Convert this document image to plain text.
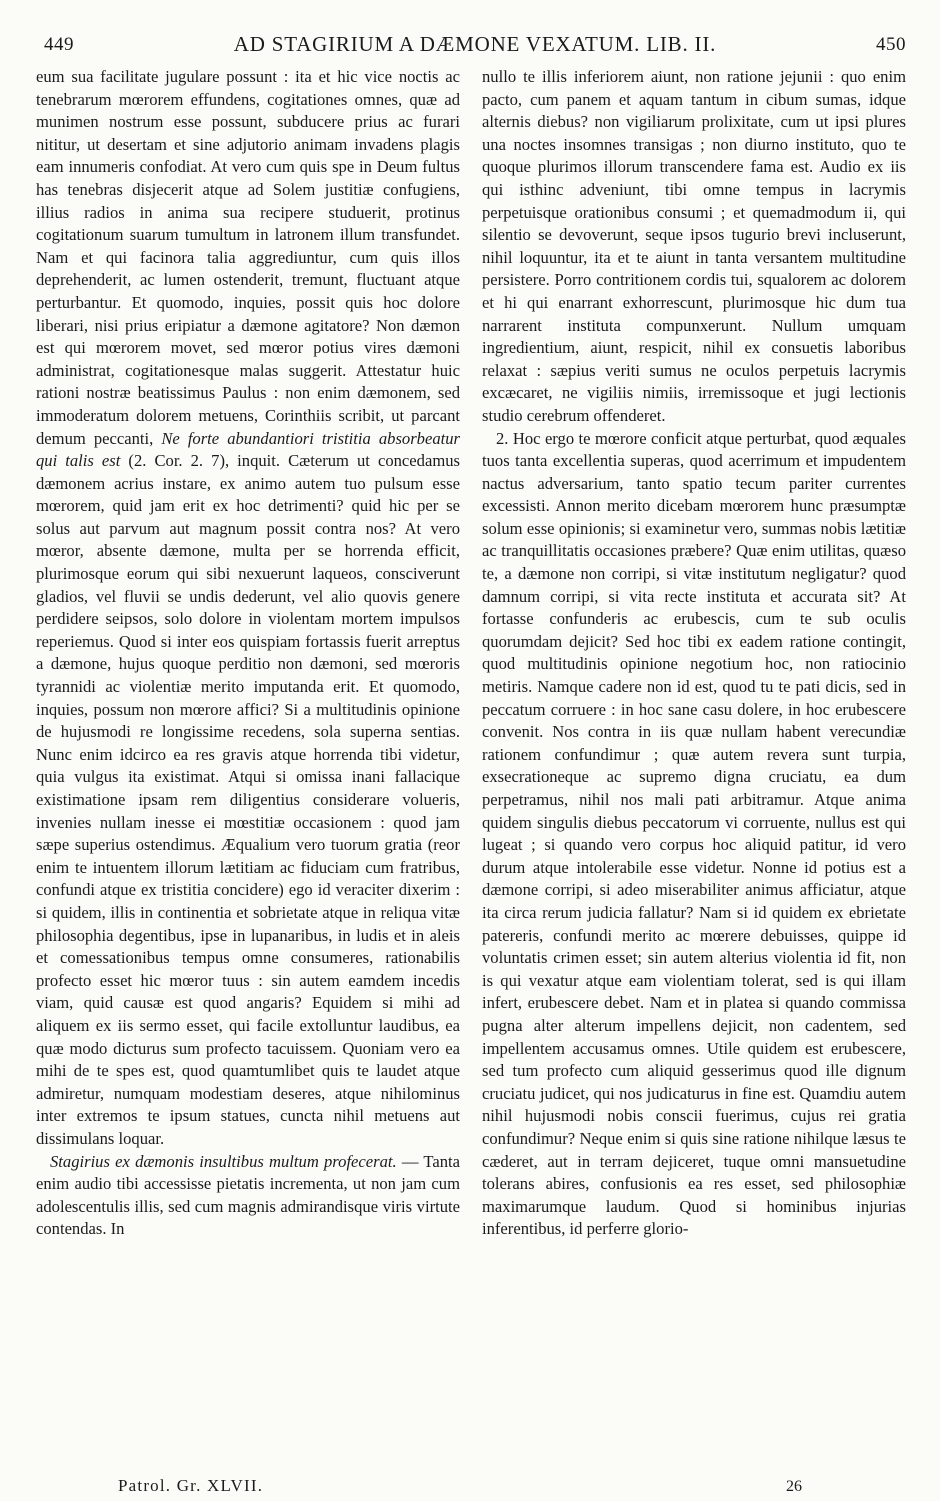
449	AD STAGIRIUM A DÆMONE VEXATUM. LIB. II.	450

eum sua facilitate jugulare possunt : ita et hic vice noctis ac tenebrarum mœrorem effundens, cogitationes omnes, quæ ad munimen nostrum esse possunt, subducere prius ac furari nititur, ut desertam et sine adjutorio animam invadens plagis eam innumeris confodiat. At vero cum quis spe in Deum fultus has tenebras disjecerit atque ad Solem justitiæ confugiens, illius radios in anima sua recipere studuerit, protinus cogitationum suarum tumultum in latronem illum transfundet. Nam et qui facinora talia aggrediuntur, cum quis illos deprehenderit, ac lumen ostenderit, tremunt, fluctuant atque perturbantur. Et quomodo, inquies, possit quis hoc dolore liberari, nisi prius eripiatur a dæmone agitatore? Non dæmon est qui mœrorem movet, sed mœror potius vires dæmoni administrat, cogitationesque malas suggerit. Attestatur huic rationi nostræ beatissimus Paulus : non enim dæmonem, sed immoderatum dolorem metuens, Corinthiis scribit, ut parcant demum peccanti, Ne forte abundantiori tristitia absorbeatur qui talis est (2. Cor. 2. 7), inquit. Cæterum ut concedamus dæmonem acrius instare, ex animo autem tuo pulsum esse mœrorem, quid jam erit ex hoc detrimenti? quid hic per se solus aut parvum aut magnum possit contra nos? At vero mœror, absente dæmone, multa per se horrenda efficit, plurimosque eorum qui sibi nexuerunt laqueos, consciverunt gladios, vel fluvii se undis dederunt, vel alio quovis genere perdidere seipsos, solo dolore in violentam mortem impulsos reperiemus. Quod si inter eos quispiam fortassis fuerit arreptus a dæmone, hujus quoque perditio non dæmoni, sed mœroris tyrannidi ac violentiæ merito imputanda erit. Et quomodo, inquies, possum non mœrore affici? Si a multitudinis opinione de hujusmodi re longissime recedens, sola superna sentias. Nunc enim idcirco ea res gravis atque horrenda tibi videtur, quia vulgus ita existimat. Atqui si omissa inani fallacique existimatione ipsam rem diligentius considerare volueris, invenies nullam inesse ei mœstitiæ occasionem : quod jam sæpe superius ostendimus. Æqualium vero tuorum gratia (reor enim te intuentem illorum lætitiam ac fiduciam cum fratribus, confundi atque ex tristitia concidere) ego id veraciter dixerim : si quidem, illis in continentia et sobrietate atque in reliqua vitæ philosophia degentibus, ipse in lupanaribus, in ludis et in aleis et comessationibus tempus omne consumeres, rationabilis profecto esset hic mœror tuus : sin autem eamdem incedis viam, quid causæ est quod angaris? Equidem si mihi ad aliquem ex iis sermo esset, qui facile extolluntur laudibus, ea quæ modo dicturus sum profecto tacuissem. Quoniam vero ea mihi de te spes est, quod quamtumlibet quis te laudet atque admiretur, numquam modestiam deseres, atque nihilominus inter extremos te ipsum statues, cuncta nihil metuens aut dissimulans loquar.

Stagirius ex dæmonis insultibus multum profecerat. — Tanta enim audio tibi accessisse pietatis incrementa, ut non jam cum adolescentulis illis, sed cum magnis admirandisque viris virtute contendas. In

nullo te illis inferiorem aiunt, non ratione jejunii : quo enim pacto, cum panem et aquam tantum in cibum sumas, idque alternis diebus? non vigiliarum prolixitate, cum ut ipsi plures una noctes insomnes transigas ; non diurno instituto, quo te quoque plurimos illorum transcendere fama est. Audio ex iis qui isthinc adveniunt, tibi omne tempus in lacrymis perpetuisque orationibus consumi ; et quemadmodum ii, qui silentio se devoverunt, seque ipsos tugurio brevi incluserunt, nihil loquuntur, ita et te aiunt in tanta versantem multitudine persistere. Porro contritionem cordis tui, squalorem ac dolorem et hi qui enarrant exhorrescunt, plurimosque hic dum tua narrarent instituta compunxerunt. Nullum umquam ingredientium, aiunt, respicit, nihil ex consuetis laboribus relaxat : sæpius veriti sumus ne oculos perpetuis lacrymis excæcaret, ne vigiliis nimiis, irremissoque et jugi lectionis studio cerebrum offenderet.

2. Hoc ergo te mœrore conficit atque perturbat, quod æquales tuos tanta excellentia superas, quod acerrimum et impudentem nactus adversarium, tanto spatio tecum pariter currentes excessisti. Annon merito dicebam mœrorem hunc præsumptæ solum esse opinionis; si examinetur vero, summas nobis lætitiæ ac tranquillitatis occasiones præbere? Quæ enim utilitas, quæso te, a dæmone non corripi, si vitæ institutum negligatur? quod damnum corripi, si vita recte instituta et accurata sit? At fortasse confunderis ac erubescis, cum te sub oculis quorumdam dejicit? Sed hoc tibi ex eadem ratione contingit, quod multitudinis opinione negotium hoc, non ratiocinio metiris. Namque cadere non id est, quod tu te pati dicis, sed in peccatum corruere : in hoc sane casu dolere, in hoc erubescere convenit. Nos contra in iis quæ nullam habent verecundiæ rationem confundimur ; quæ autem revera sunt turpia, exsecrationeque ac supremo digna cruciatu, ea dum perpetramus, nihil nos mali pati arbitramur. Atque anima quidem singulis diebus peccatorum vi corruente, nullus est qui lugeat ; si quando vero corpus hoc aliquid patitur, id vero durum atque intolerabile esse videtur. Nonne id potius est a dæmone corripi, si adeo miserabiliter animus afficiatur, atque ita circa rerum judicia fallatur? Nam si id quidem ex ebrietate patereris, confundi merito ac mœrere debuisses, quippe id voluntatis crimen esset; sin autem alterius violentia id fit, non is qui vexatur atque eam violentiam tolerat, sed is qui illam infert, erubescere debet. Nam et in platea si quando commissa pugna alter alterum impellens dejicit, non cadentem, sed impellentem accusamus omnes. Utile quidem est erubescere, sed tum profecto cum aliquid gesserimus quod ille dignum cruciatu judicet, qui nos judicaturus in fine est. Quamdiu autem nihil hujusmodi nobis conscii fuerimus, cujus rei gratia confundimur? Neque enim si quis sine ratione nihilque læsus te cæderet, aut in terram dejiceret, tuque omni mansuetudine tolerans abires, confusionis ea res esset, sed philosophiæ maximarumque laudum. Quod si hominibus injurias inferentibus, id perferre glorio-

Patrol. Gr. XLVII.	26
